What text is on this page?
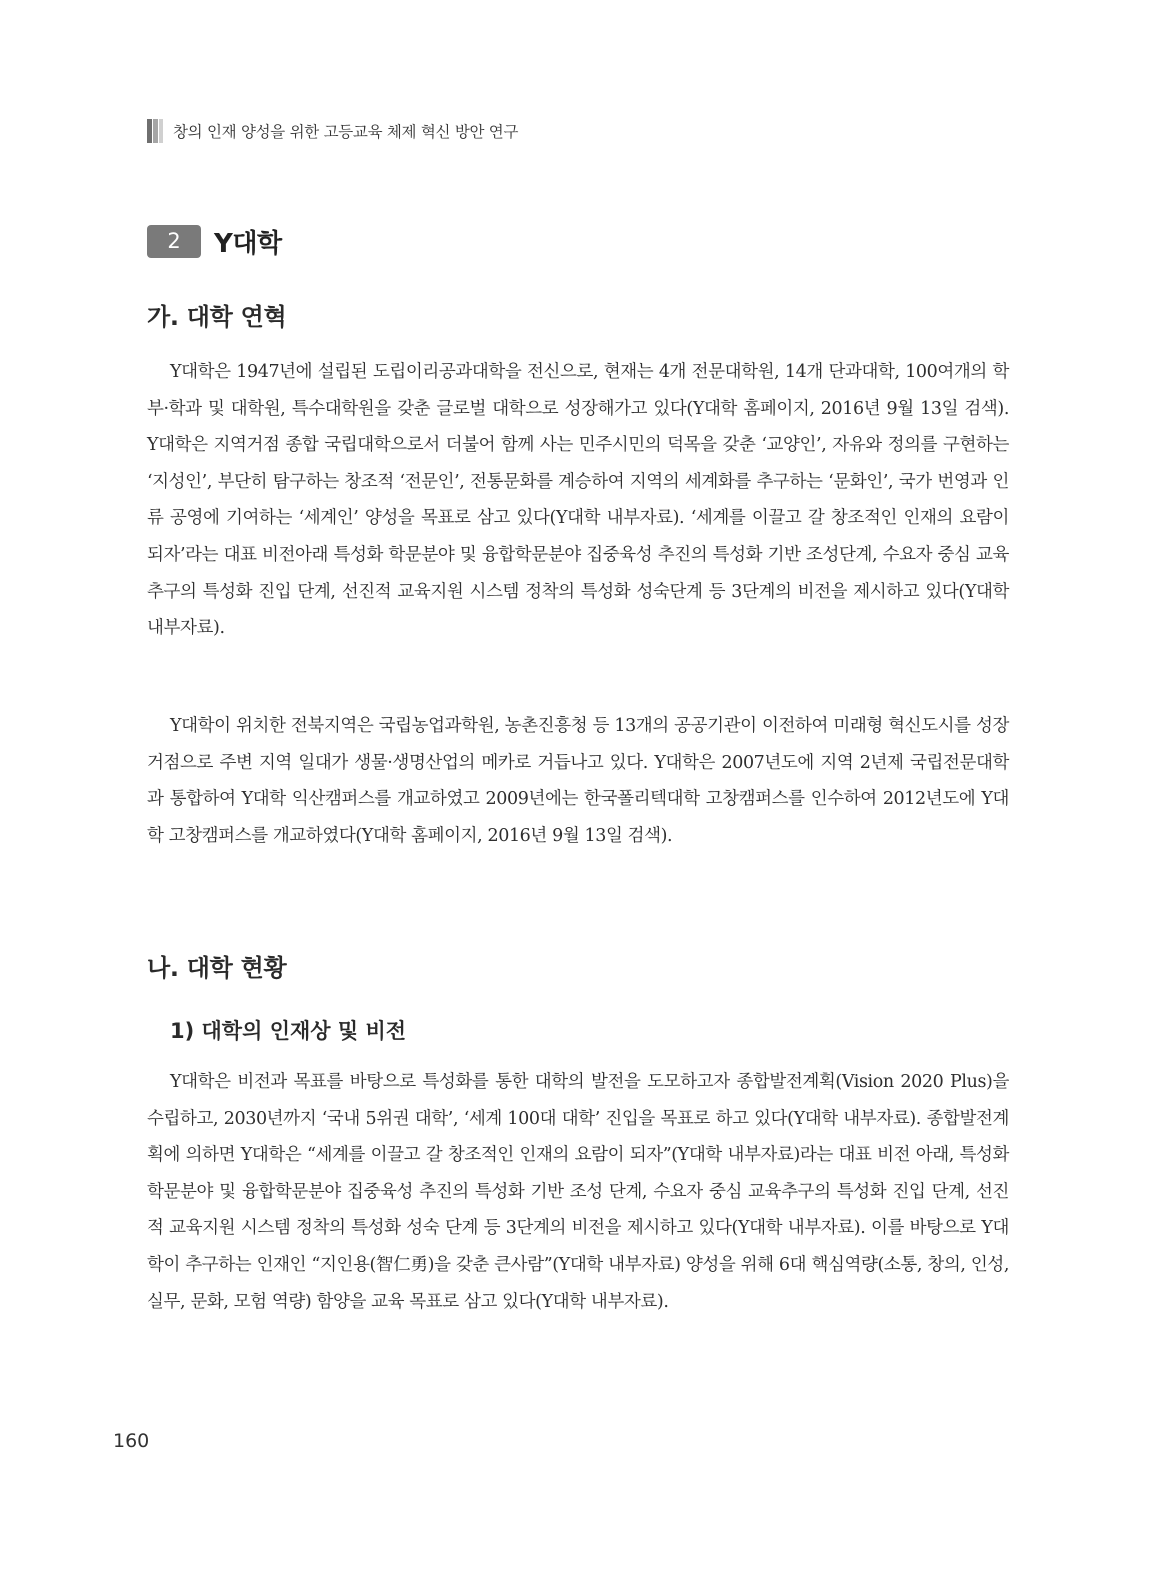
창의 인재 양성을 위한 고등교육 체제 혁신 방안 연구
2	Y대학
가. 대학 연혁

Y대학은 1947년에 설립된 도립이리공과대학을 전신으로, 현재는 4개 전문대학원, 14개 단과대학, 100여개의 학부·학과 및 대학원, 특수대학원을 갖춘 글로벌 대학으로 성장해가고 있다(Y대학 홈페이지, 2016년 9월 13일 검색). Y대학은 지역거점 종합 국립대학으로서 더불어 함께 사는 민주시민의 덕목을 갖춘 ‘교양인’, 자유와 정의를 구현하는 ‘지성인’, 부단히 탐구하는 창조적 ‘전문인’, 전통문화를 계승하여 지역의 세계화를 추구하는 ‘문화인’, 국가 번영과 인류 공영에 기여하는 ‘세계인’ 양성을 목표로 삼고 있다(Y대학 내부자료). ‘세계를 이끌고 갈 창조적인 인재의 요람이 되자’라는 대표 비전아래 특성화 학문분야 및 융합학문분야 집중육성 추진의 특성화 기반 조성단계, 수요자 중심 교육추구의 특성화 진입 단계, 선진적 교육지원 시스템 정착의 특성화 성숙단계 등 3단계의 비전을 제시하고 있다(Y대학 내부자료).

Y대학이 위치한 전북지역은 국립농업과학원, 농촌진흥청 등 13개의 공공기관이 이전하여 미래형 혁신도시를 성장거점으로 주변 지역 일대가 생물·생명산업의 메카로 거듭나고 있다. Y대학은 2007년도에 지역 2년제 국립전문대학과 통합하여 Y대학 익산캠퍼스를 개교하였고 2009년에는 한국폴리텍대학 고창캠퍼스를 인수하여 2012년도에 Y대학 고창캠퍼스를 개교하였다(Y대학 홈페이지, 2016년 9월 13일 검색).

나. 대학 현황
1) 대학의 인재상 및 비전

Y대학은 비전과 목표를 바탕으로 특성화를 통한 대학의 발전을 도모하고자 종합발전계획(Vision 2020 Plus)을 수립하고, 2030년까지 ‘국내 5위권 대학’, ‘세계 100대 대학’ 진입을 목표로 하고 있다(Y대학 내부자료). 종합발전계획에 의하면 Y대학은 “세계를 이끌고 갈 창조적인 인재의 요람이 되자”(Y대학 내부자료)라는 대표 비전 아래, 특성화 학문분야 및 융합학문분야 집중육성 추진의 특성화 기반 조성 단계, 수요자 중심 교육추구의 특성화 진입 단계, 선진적 교육지원 시스템 정착의 특성화 성숙 단계 등 3단계의 비전을 제시하고 있다(Y대학 내부자료). 이를 바탕으로 Y대학이 추구하는 인재인 “지인용(智仁勇)을 갖춘 큰사람”(Y대학 내부자료) 양성을 위해 6대 핵심역량(소통, 창의, 인성, 실무, 문화, 모험 역량) 함양을 교육 목표로 삼고 있다(Y대학 내부자료).

160
